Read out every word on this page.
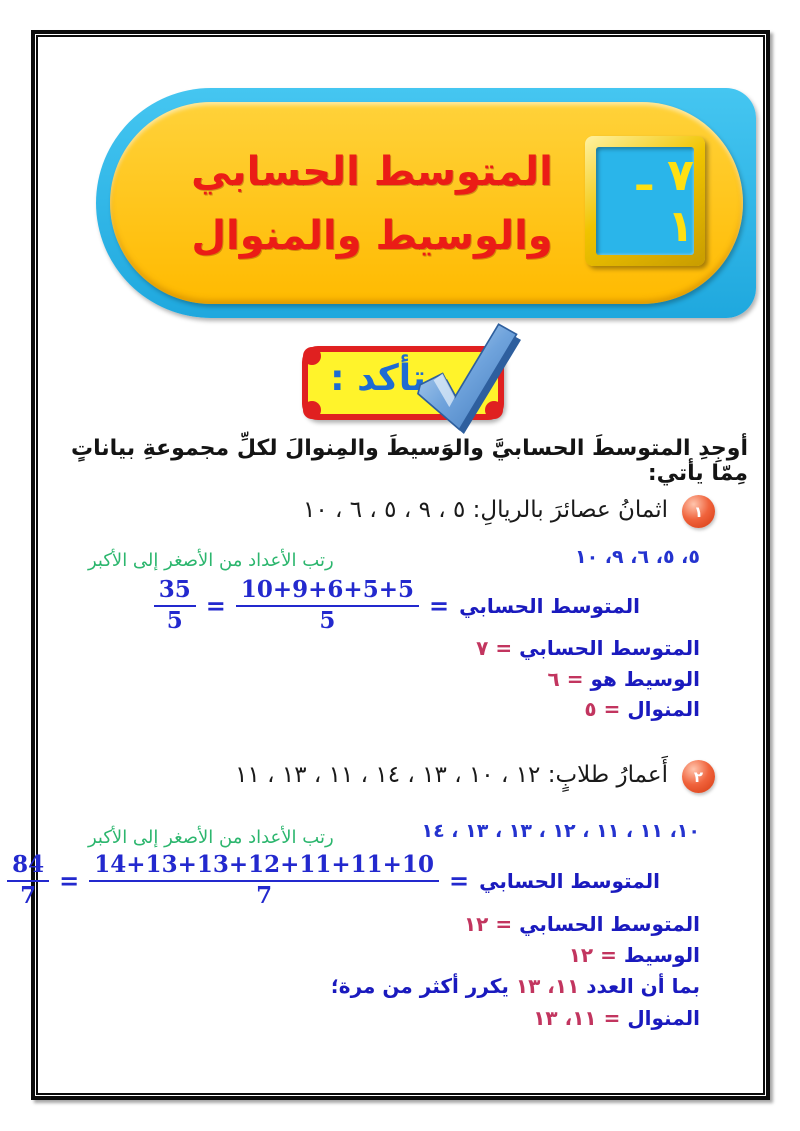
المتوسط الحسابي
والوسيط والمنوال
٧ ـ ١
تأكد :
أوجِدِ المتوسطَ الحسابيَّ والوَسيطَ والمِنوالَ لكلِّ مجموعةِ بياناتٍ مِمّا يأتي:
١
اثمانُ عصائرَ بالريالِ: ٥ ، ٩ ، ٥ ، ٦ ، ١٠
٥، ٥، ٦، ٩، ١٠
رتب الأعداد من الأصغر إلى الأكبر
المتوسط الحسابي
=
$\frac{10+9+6+5+5}{5}$
=
$\frac{35}{5}$
المتوسط الحسابي = ٧
الوسيط هو = ٦
المنوال = ٥
٢
أَعمارُ طلابٍ: ١٢ ، ١٠ ، ١٣ ، ١٤ ، ١١ ، ١٣ ، ١١
١٠، ١١ ، ١١ ، ١٢ ، ١٣ ، ١٣ ، ١٤
رتب الأعداد من الأصغر إلى الأكبر
المتوسط الحسابي
=
$\frac{14+13+13+12+11+11+10}{7}$
=
$\frac{84}{7}$
المتوسط الحسابي = ١٢
الوسيط = ١٢
بما أن العدد ١١، ١٣ يكرر أكثر من مرة؛
المنوال = ١١، ١٣
